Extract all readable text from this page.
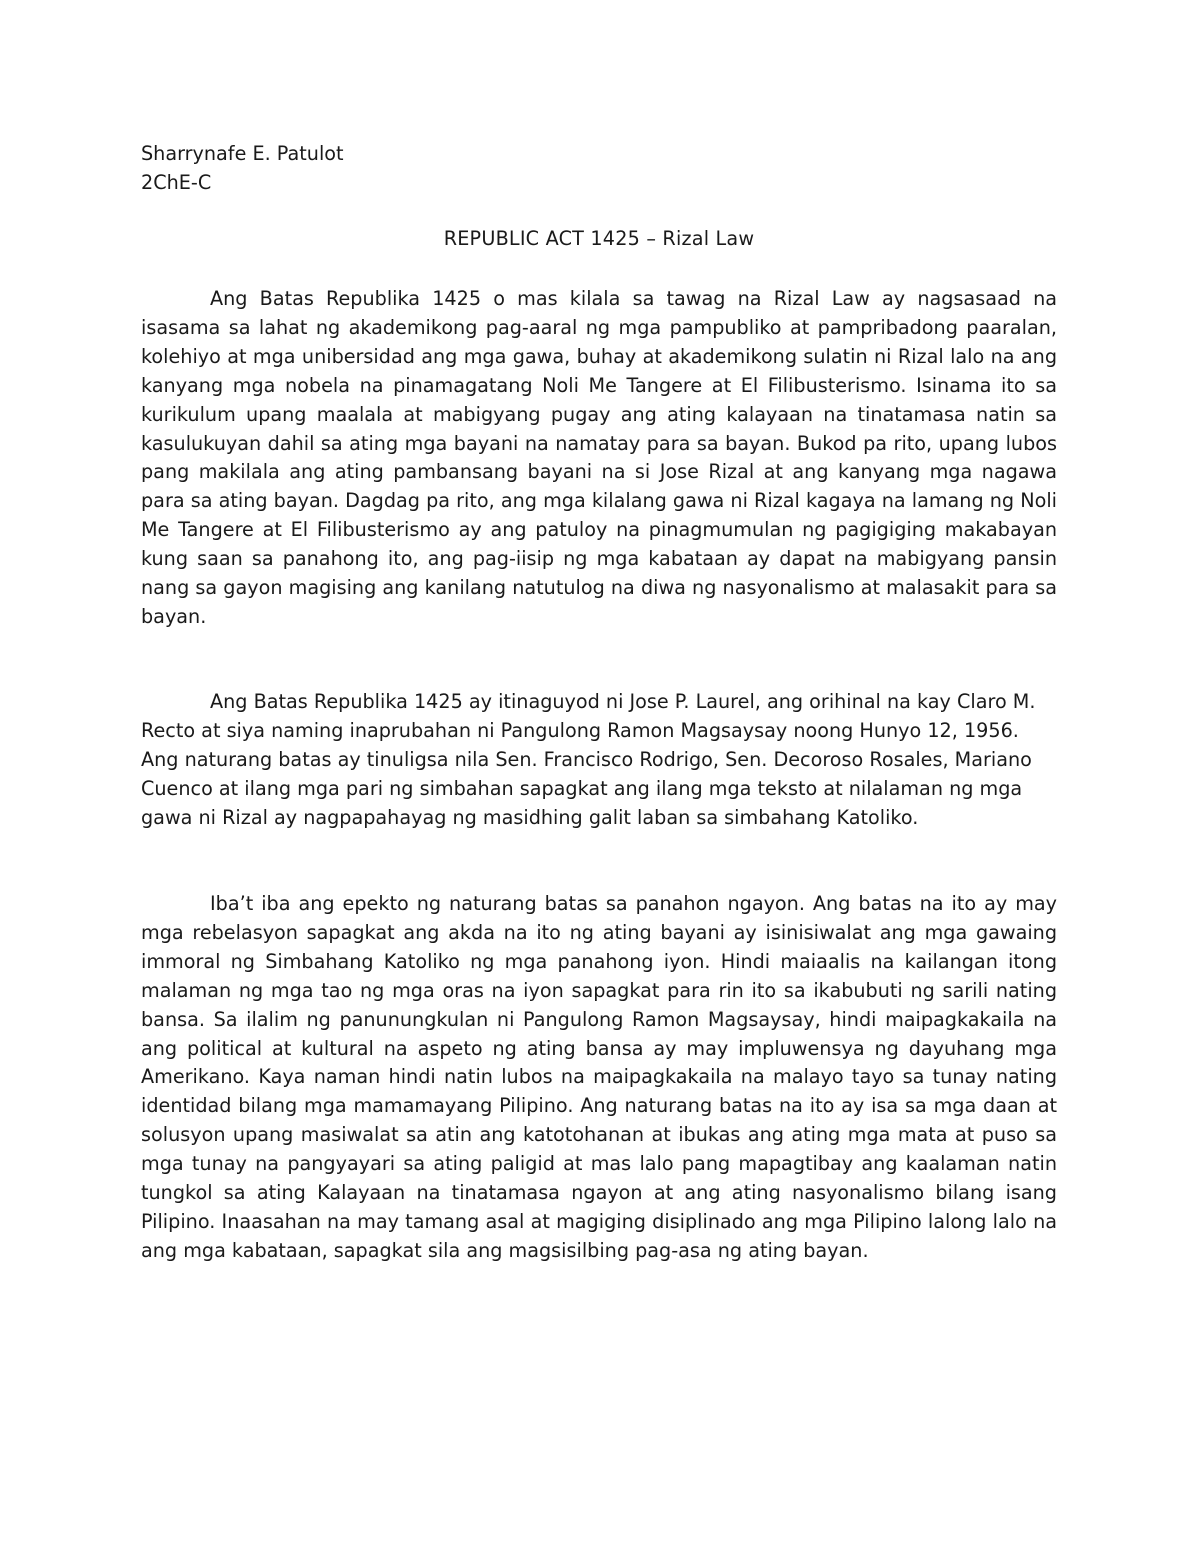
Sharrynafe E. Patulot
2ChE-C
REPUBLIC ACT 1425 – Rizal Law

Ang Batas Republika 1425 o mas kilala sa tawag na Rizal Law ay nagsasaad na isasama sa lahat ng akademikong pag-aaral ng mga pampubliko at pampribadong paaralan, kolehiyo at mga unibersidad ang mga gawa, buhay at akademikong sulatin ni Rizal lalo na ang kanyang mga nobela na pinamagatang Noli Me Tangere at El Filibusterismo. Isinama ito sa kurikulum upang maalala at mabigyang pugay ang ating kalayaan na tinatamasa natin sa kasulukuyan dahil sa ating mga bayani na namatay para sa bayan. Bukod pa rito, upang lubos pang makilala ang ating pambansang bayani na si Jose Rizal at ang kanyang mga nagawa para sa ating bayan. Dagdag pa rito, ang mga kilalang gawa ni Rizal kagaya na lamang ng Noli Me Tangere at El Filibusterismo ay ang patuloy na pinagmumulan ng pagigiging makabayan kung saan sa panahong ito, ang pag-iisip ng mga kabataan ay dapat na mabigyang pansin nang sa gayon magising ang kanilang natutulog na diwa ng nasyonalismo at malasakit para sa bayan.

Ang Batas Republika 1425 ay itinaguyod ni Jose P. Laurel, ang orihinal na kay Claro M. Recto at siya naming inaprubahan ni Pangulong Ramon Magsaysay noong Hunyo 12, 1956. Ang naturang batas ay tinuligsa nila Sen. Francisco Rodrigo, Sen. Decoroso Rosales, Mariano Cuenco at ilang mga pari ng simbahan sapagkat ang ilang mga teksto at nilalaman ng mga gawa ni Rizal ay nagpapahayag ng masidhing galit laban sa simbahang Katoliko.

Iba’t iba ang epekto ng naturang batas sa panahon ngayon. Ang batas na ito ay may mga rebelasyon sapagkat ang akda na ito ng ating bayani ay isinisiwalat ang mga gawaing immoral ng Simbahang Katoliko ng mga panahong iyon. Hindi maiaalis na kailangan itong malaman ng mga tao ng mga oras na iyon sapagkat para rin ito sa ikabubuti ng sarili nating bansa. Sa ilalim ng panunungkulan ni Pangulong Ramon Magsaysay, hindi maipagkakaila na ang political at kultural na aspeto ng ating bansa ay may impluwensya ng dayuhang mga Amerikano. Kaya naman hindi natin lubos na maipagkakaila na malayo tayo sa tunay nating identidad bilang mga mamamayang Pilipino. Ang naturang batas na ito ay isa sa mga daan at solusyon upang masiwalat sa atin ang katotohanan at ibukas ang ating mga mata at puso sa mga tunay na pangyayari sa ating paligid at mas lalo pang mapagtibay ang kaalaman natin tungkol sa ating Kalayaan na tinatamasa ngayon at ang ating nasyonalismo bilang isang Pilipino. Inaasahan na may tamang asal at magiging disiplinado ang mga Pilipino lalong lalo na ang mga kabataan, sapagkat sila ang magsisilbing pag-asa ng ating bayan.
